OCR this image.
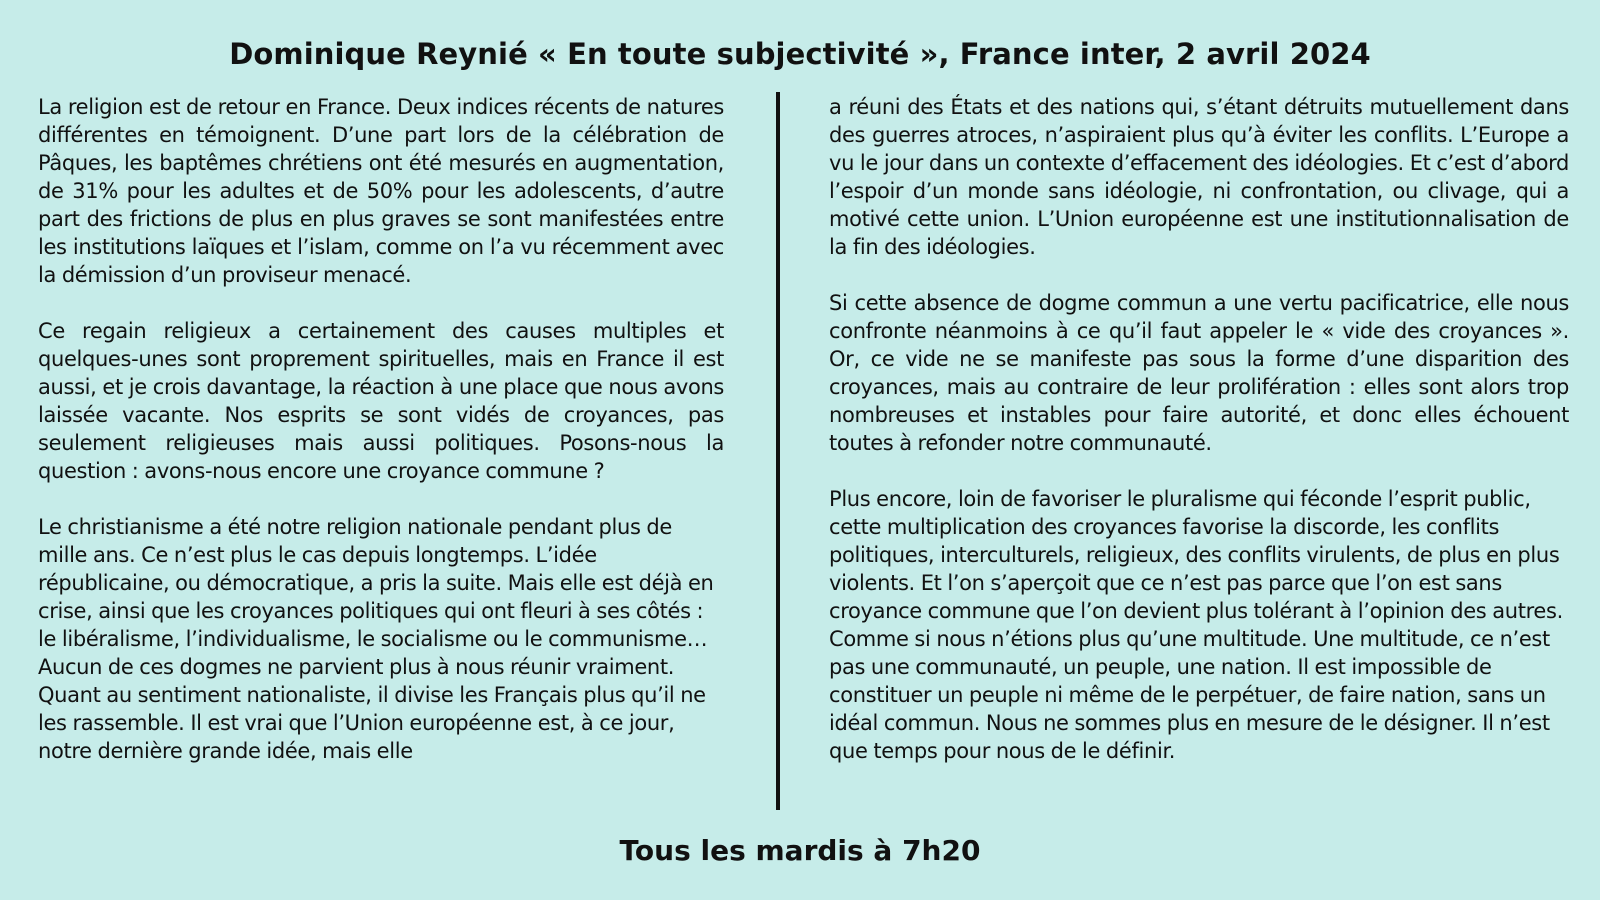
Dominique Reynié « En toute subjectivité », France inter, 2 avril 2024

La religion est de retour en France. Deux indices récents de natures différentes en témoignent. D’une part lors de la célébration de Pâques, les baptêmes chrétiens ont été mesurés en augmentation, de 31% pour les adultes et de 50% pour les adolescents, d’autre part des frictions de plus en plus graves se sont manifestées entre les institutions laïques et l’islam, comme on l’a vu récemment avec la démission d’un proviseur menacé.

Ce regain religieux a certainement des causes multiples et quelques-unes sont proprement spirituelles, mais en France il est aussi, et je crois davantage, la réaction à une place que nous avons laissée vacante. Nos esprits se sont vidés de croyances, pas seulement religieuses mais aussi politiques. Posons-nous la question : avons-nous encore une croyance commune ?

Le christianisme a été notre religion nationale pendant plus de mille ans. Ce n’est plus le cas depuis longtemps. L’idée républicaine, ou démocratique, a pris la suite. Mais elle est déjà en crise, ainsi que les croyances politiques qui ont fleuri à ses côtés : le libéralisme, l’individualisme, le socialisme ou le communisme… Aucun de ces dogmes ne parvient plus à nous réunir vraiment. Quant au sentiment nationaliste, il divise les Français plus qu’il ne les rassemble. Il est vrai que l’Union européenne est, à ce jour, notre dernière grande idée, mais elle

a réuni des États et des nations qui, s’étant détruits mutuellement dans des guerres atroces, n’aspiraient plus qu’à éviter les conflits. L’Europe a vu le jour dans un contexte d’effacement des idéologies. Et c’est d’abord l’espoir d’un monde sans idéologie, ni confrontation, ou clivage, qui a motivé cette union. L’Union européenne est une institutionnalisation de la fin des idéologies.

Si cette absence de dogme commun a une vertu pacificatrice, elle nous confronte néanmoins à ce qu’il faut appeler le « vide des croyances ». Or, ce vide ne se manifeste pas sous la forme d’une disparition des croyances, mais au contraire de leur prolifération : elles sont alors trop nombreuses et instables pour faire autorité, et donc elles échouent toutes à refonder notre communauté.

Plus encore, loin de favoriser le pluralisme qui féconde l’esprit public, cette multiplication des croyances favorise la discorde, les conflits politiques, interculturels, religieux, des conflits virulents, de plus en plus violents. Et l’on s’aperçoit que ce n’est pas parce que l’on est sans croyance commune que l’on devient plus tolérant à l’opinion des autres. Comme si nous n’étions plus qu’une multitude. Une multitude, ce n’est pas une communauté, un peuple, une nation. Il est impossible de constituer un peuple ni même de le perpétuer, de faire nation, sans un idéal commun. Nous ne sommes plus en mesure de le désigner. Il n’est que temps pour nous de le définir.

Tous les mardis à 7h20
